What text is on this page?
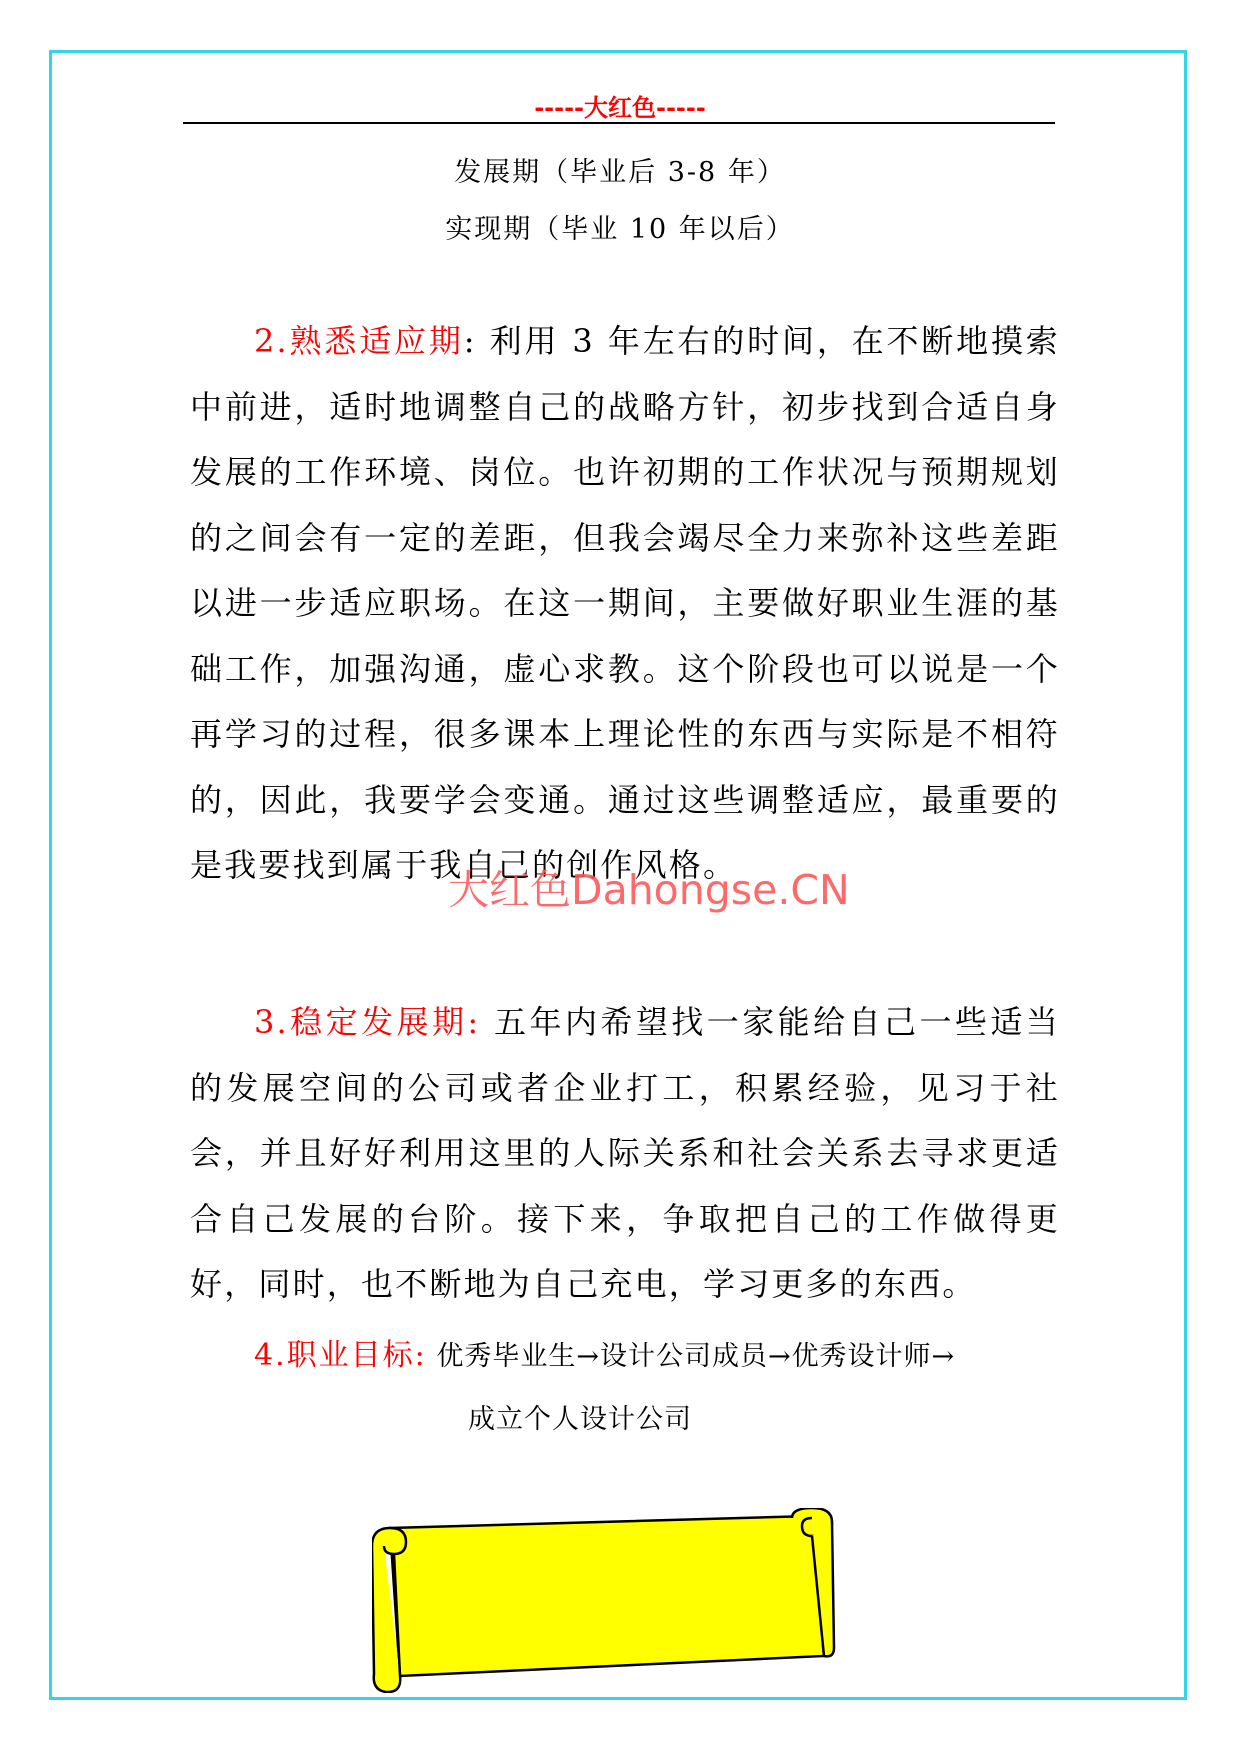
-----大红色-----
发展期（毕业后 3-8 年）
实现期（毕业 10 年以后）

2.熟悉适应期: 利用 3 年左右的时间，在不断地摸索中前进，适时地调整自己的战略方针，初步找到合适自身发展的工作环境、岗位。也许初期的工作状况与预期规划的之间会有一定的差距，但我会竭尽全力来弥补这些差距以进一步适应职场。在这一期间，主要做好职业生涯的基础工作，加强沟通，虚心求教。这个阶段也可以说是一个再学习的过程，很多课本上理论性的东西与实际是不相符的，因此，我要学会变通。通过这些调整适应，最重要的是我要找到属于我自己的创作风格。

大红色Dahongse.CN

3.稳定发展期: 五年内希望找一家能给自己一些适当的发展空间的公司或者企业打工，积累经验，见习于社会，并且好好利用这里的人际关系和社会关系去寻求更适合自己发展的台阶。接下来，争取把自己的工作做得更好，同时，也不断地为自己充电，学习更多的东西。

4.职业目标: 优秀毕业生→设计公司成员→优秀设计师→
成立个人设计公司
